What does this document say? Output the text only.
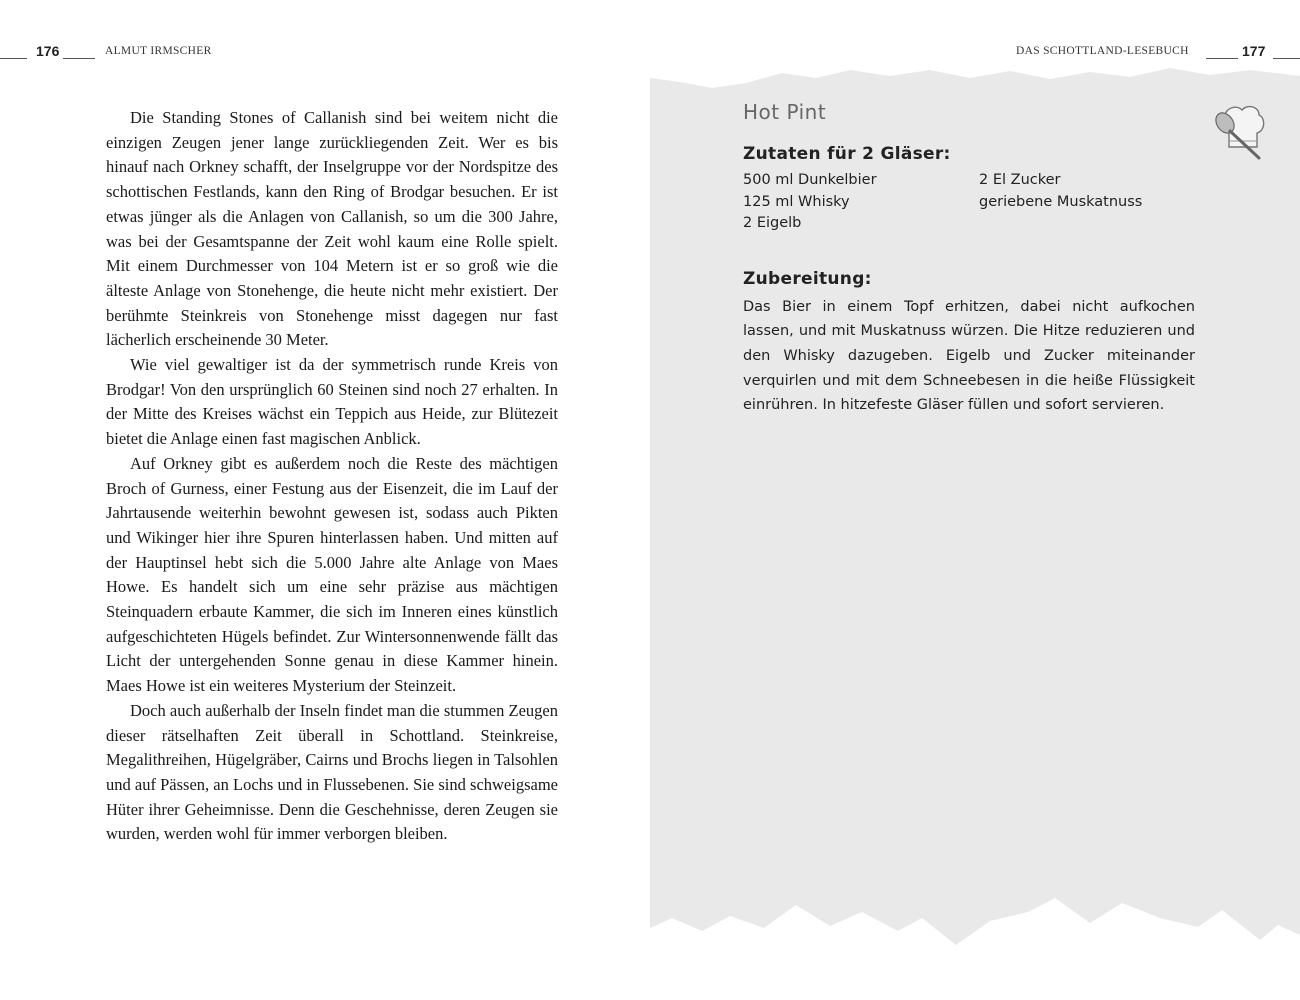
176	ALMUT IRMSCHER

Die Standing Stones of Callanish sind bei weitem nicht die einzigen Zeugen jener lange zurückliegenden Zeit. Wer es bis hinauf nach Orkney schafft, der Inselgruppe vor der Nordspitze des schottischen Festlands, kann den Ring of Brodgar besuchen. Er ist etwas jünger als die Anlagen von Callanish, so um die 300 Jahre, was bei der Gesamtspanne der Zeit wohl kaum eine Rolle spielt. Mit einem Durchmesser von 104 Metern ist er so groß wie die älteste Anlage von Stonehenge, die heute nicht mehr existiert. Der berühmte Steinkreis von Stonehenge misst dagegen nur fast lächerlich erscheinende 30 Meter.

Wie viel gewaltiger ist da der symmetrisch runde Kreis von Brodgar! Von den ursprünglich 60 Steinen sind noch 27 erhalten. In der Mitte des Kreises wächst ein Teppich aus Heide, zur Blütezeit bietet die Anlage einen fast magischen Anblick.

Auf Orkney gibt es außerdem noch die Reste des mächtigen Broch of Gurness, einer Festung aus der Eisenzeit, die im Lauf der Jahrtausende weiterhin bewohnt gewesen ist, sodass auch Pikten und Wikinger hier ihre Spuren hinterlassen haben. Und mitten auf der Hauptinsel hebt sich die 5.000 Jahre alte Anlage von Maes Howe. Es handelt sich um eine sehr präzise aus mächtigen Steinquadern erbaute Kammer, die sich im Inneren eines künstlich aufgeschichteten Hügels befindet. Zur Wintersonnenwende fällt das Licht der untergehenden Sonne genau in diese Kammer hinein. Maes Howe ist ein weiteres Mysterium der Steinzeit.

Doch auch außerhalb der Inseln findet man die stummen Zeugen dieser rätselhaften Zeit überall in Schottland. Steinkreise, Megalithreihen, Hügelgräber, Cairns und Brochs liegen in Talsohlen und auf Pässen, an Lochs und in Flussebenen. Sie sind schweigsame Hüter ihrer Geheimnisse. Denn die Geschehnisse, deren Zeugen sie wurden, werden wohl für immer verborgen bleiben.

DAS SCHOTTLAND-LESEBUCH	177
Hot Pint
Zutaten für 2 Gläser:
500 ml Dunkelbier	2 El Zucker
125 ml Whisky	geriebene Muskatnuss
2 Eigelb
Zubereitung:

Das Bier in einem Topf erhitzen, dabei nicht aufkochen lassen, und mit Muskatnuss würzen. Die Hitze reduzieren und den Whisky dazugeben. Eigelb und Zucker miteinander verquirlen und mit dem Schneebesen in die heiße Flüssigkeit einrühren. In hitzefeste Gläser füllen und sofort servieren.
